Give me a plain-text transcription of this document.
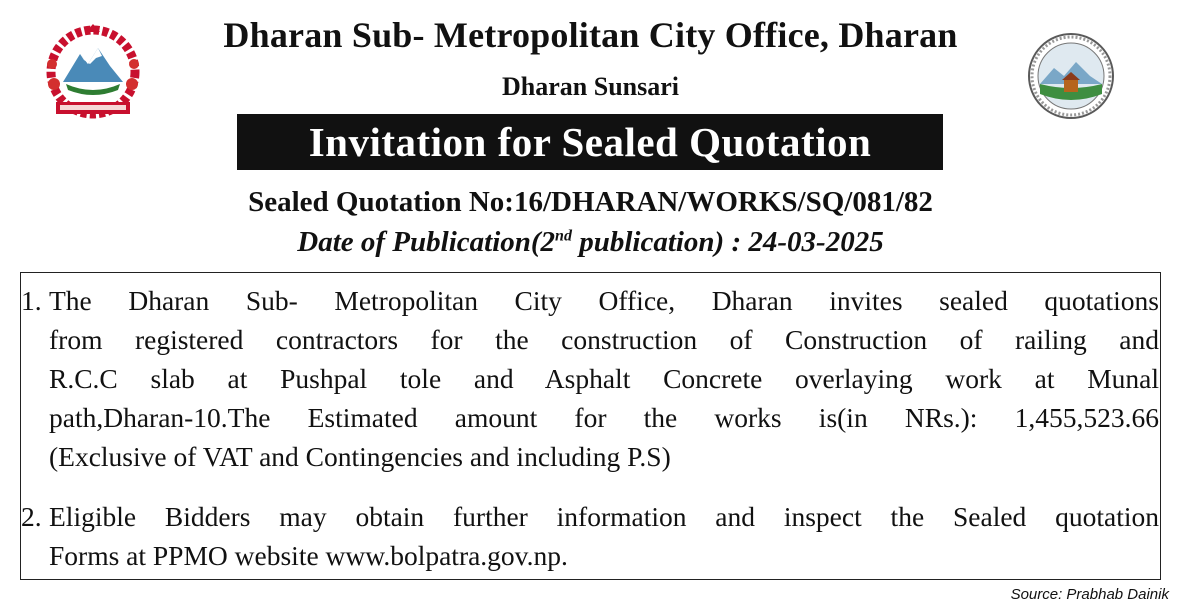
Dharan Sub- Metropolitan City Office, Dharan
Dharan Sunsari
Invitation for Sealed Quotation
Sealed Quotation No:16/DHARAN/WORKS/SQ/081/82
Date of Publication(2nd publication) : 24-03-2025
1. The Dharan Sub- Metropolitan City Office, Dharan invites sealed quotations
from registered contractors for the construction of Construction of railing and
R.C.C slab at Pushpal tole and Asphalt Concrete overlaying work at Munal
path,Dharan-10.The Estimated amount for the works is(in NRs.): 1,455,523.66
(Exclusive of VAT and Contingencies and including P.S)
2. Eligible Bidders may obtain further information and inspect the Sealed quotation
Forms at PPMO website www.bolpatra.gov.np.
Source: Prabhab Dainik
